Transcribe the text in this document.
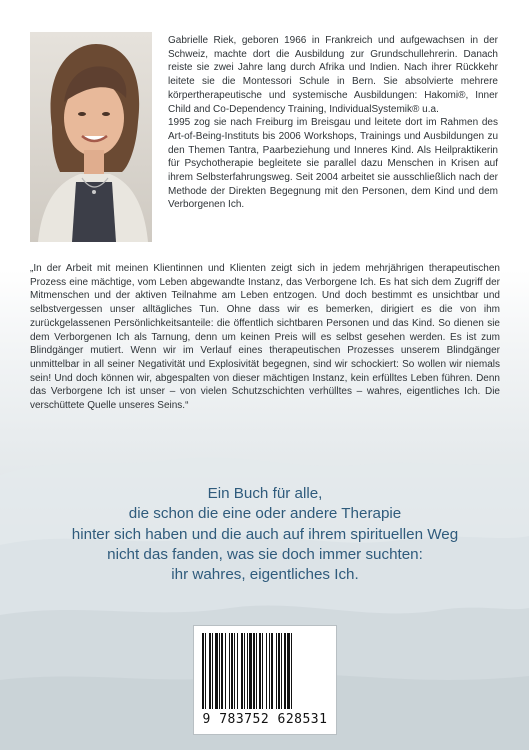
Gabrielle Riek, geboren 1966 in Frankreich und aufgewachsen in der Schweiz, machte dort die Ausbildung zur Grundschullehrerin. Danach reiste sie zwei Jahre lang durch Afrika und Indien. Nach ihrer Rückkehr leitete sie die Montessori Schule in Bern. Sie absolvierte mehrere körpertherapeutische und systemische Ausbildungen: Hakomi®, Inner Child and Co-Dependency Training, IndividualSystemik® u.a.

1995 zog sie nach Freiburg im Breisgau und leitete dort im Rahmen des Art-of-Being-Instituts bis 2006 Workshops, Trainings und Ausbildungen zu den Themen Tantra, Paarbeziehung und Inneres Kind. Als Heilpraktikerin für Psychotherapie begleitete sie parallel dazu Menschen in Krisen auf ihrem Selbsterfahrungsweg. Seit 2004 arbeitet sie ausschließlich nach der Methode der Direkten Begegnung mit den Personen, dem Kind und dem Verborgenen Ich.

„In der Arbeit mit meinen Klientinnen und Klienten zeigt sich in jedem mehrjährigen therapeutischen Prozess eine mächtige, vom Leben abgewandte Instanz, das Verborgene Ich. Es hat sich dem Zugriff der Mitmenschen und der aktiven Teilnahme am Leben entzogen. Und doch bestimmt es unsichtbar und selbstvergessen unser alltägliches Tun. Ohne dass wir es bemerken, dirigiert es die von ihm zurückgelassenen Persönlichkeitsanteile: die öffentlich sichtbaren Personen und das Kind. So dienen sie dem Verborgenen Ich als Tarnung, denn um keinen Preis will es selbst gesehen werden. Es ist zum Blindgänger mutiert. Wenn wir im Verlauf eines therapeutischen Prozesses unserem Blindgänger unmittelbar in all seiner Negativität und Explosivität begegnen, sind wir schockiert: So wollen wir niemals sein! Und doch können wir, abgespalten von dieser mächtigen Instanz, kein erfülltes Leben führen. Denn das Verborgene Ich ist unser – von vielen Schutzschichten verhülltes – wahres, eigentliches Ich. Die verschüttete Quelle unseres Seins.“
Ein Buch für alle,
die schon die eine oder andere Therapie
hinter sich haben und die auch auf ihrem spirituellen Weg
nicht das fanden, was sie doch immer suchten:
ihr wahres, eigentliches Ich.
9 783752 628531
